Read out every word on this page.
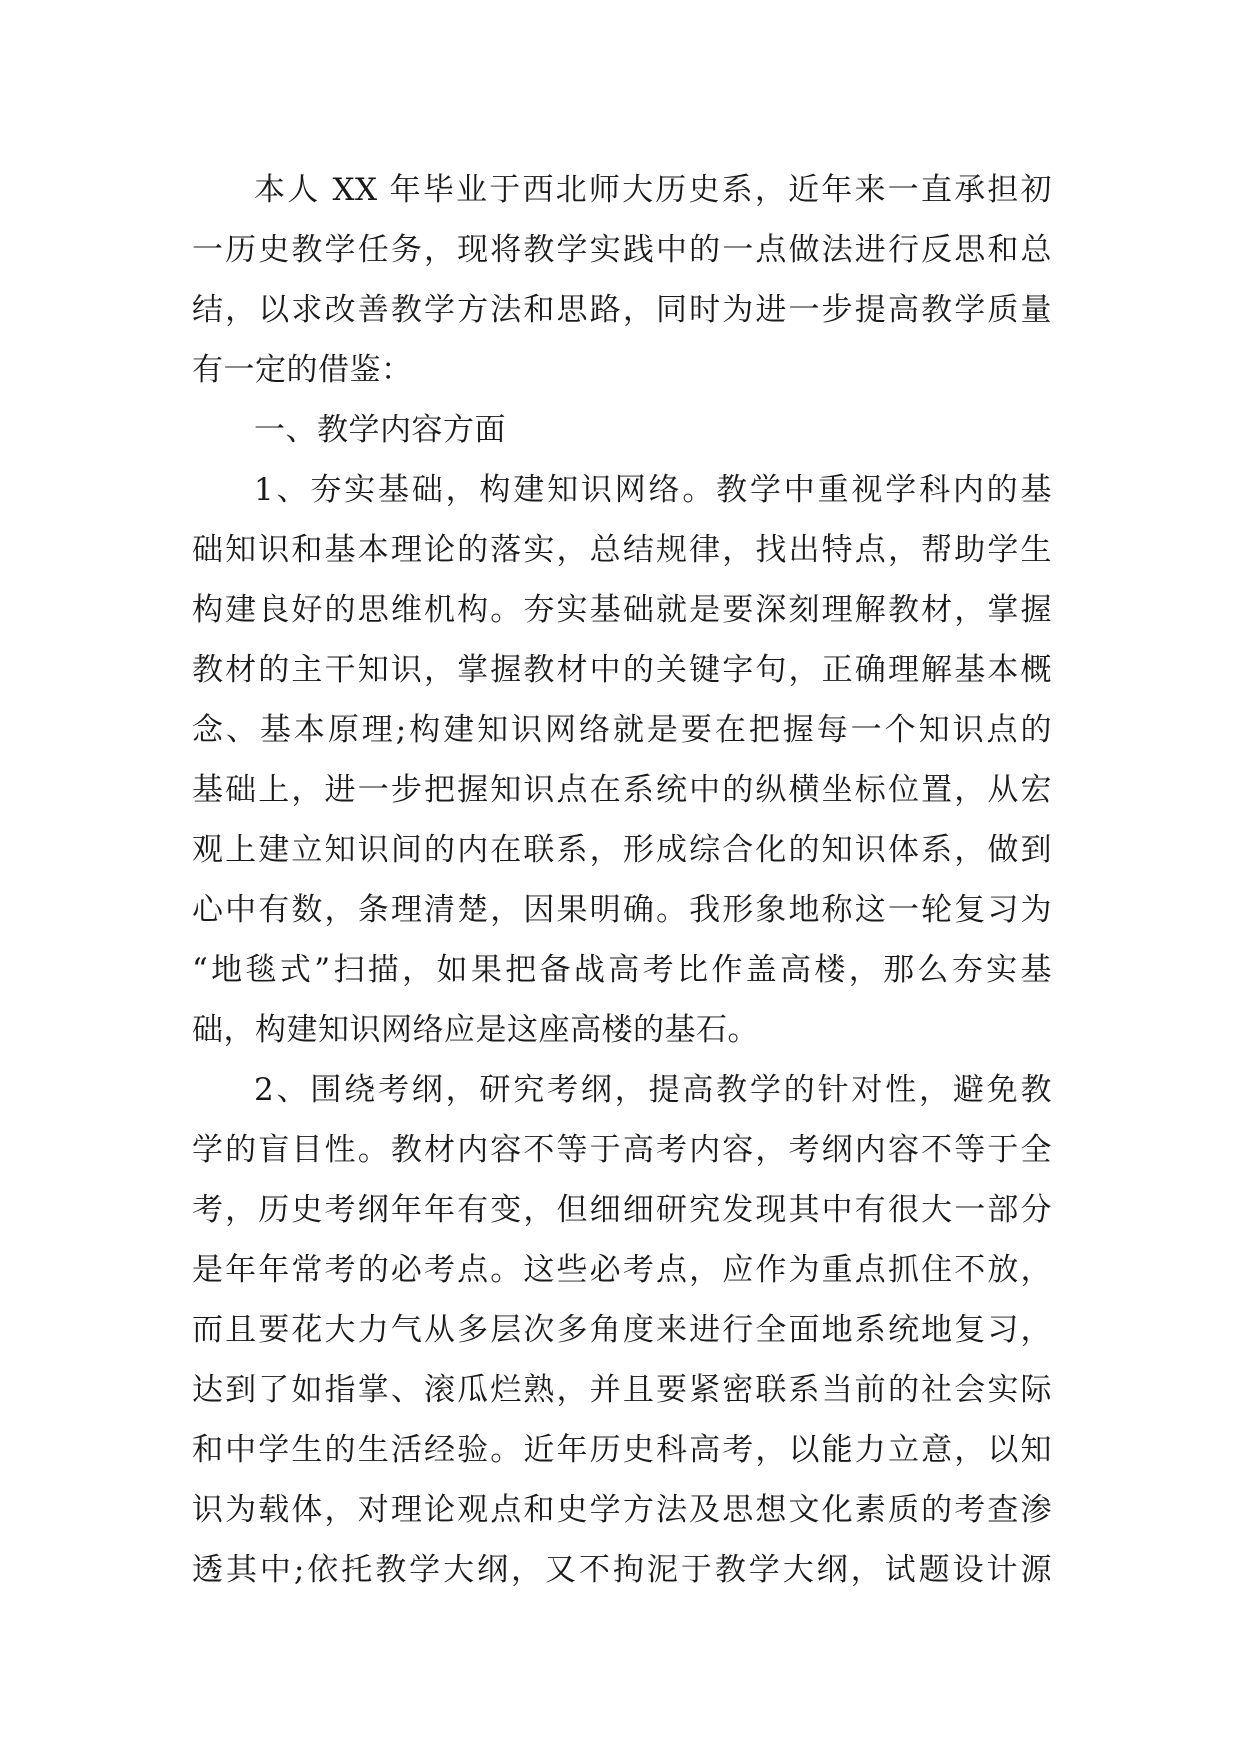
本人 XX 年毕业于西北师大历史系，近年来一直承担初
一历史教学任务，现将教学实践中的一点做法进行反思和总
结，以求改善教学方法和思路，同时为进一步提高教学质量
有一定的借鉴：
一、教学内容方面
1、夯实基础，构建知识网络。教学中重视学科内的基
础知识和基本理论的落实，总结规律，找出特点，帮助学生
构建良好的思维机构。夯实基础就是要深刻理解教材，掌握
教材的主干知识，掌握教材中的关键字句，正确理解基本概
念、基本原理;构建知识网络就是要在把握每一个知识点的
基础上，进一步把握知识点在系统中的纵横坐标位置，从宏
观上建立知识间的内在联系，形成综合化的知识体系，做到
心中有数，条理清楚，因果明确。我形象地称这一轮复习为
“地毯式”扫描，如果把备战高考比作盖高楼，那么夯实基
础，构建知识网络应是这座高楼的基石。
2、围绕考纲，研究考纲，提高教学的针对性，避免教
学的盲目性。教材内容不等于高考内容，考纲内容不等于全
考，历史考纲年年有变，但细细研究发现其中有很大一部分
是年年常考的必考点。这些必考点，应作为重点抓住不放，
而且要花大力气从多层次多角度来进行全面地系统地复习，
达到了如指掌、滚瓜烂熟，并且要紧密联系当前的社会实际
和中学生的生活经验。近年历史科高考，以能力立意，以知
识为载体，对理论观点和史学方法及思想文化素质的考查渗
透其中;依托教学大纲，又不拘泥于教学大纲，试题设计源
